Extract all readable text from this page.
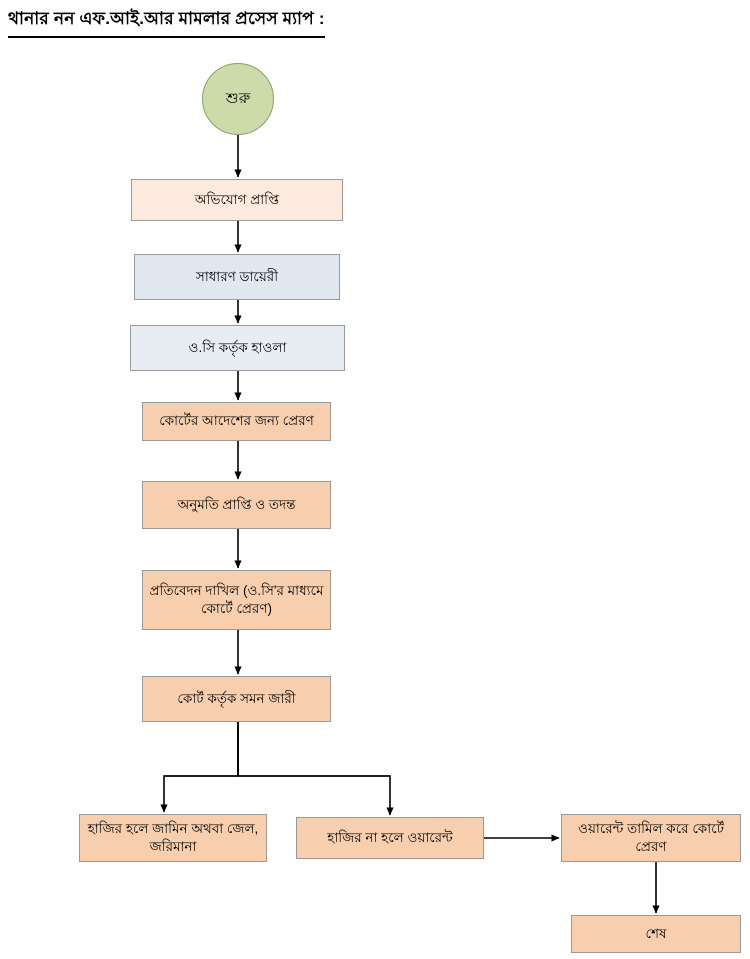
থানার নন এফ.আই.আর মামলার প্রসেস ম্যাপ :
শুরু
অভিযোগ প্রাপ্তি
সাধারণ ডায়েরী
ও.সি কর্তৃক হাওলা
কোর্টের আদেশের জন্য প্রেরণ
অনুমতি প্রাপ্তি ও তদন্ত
প্রতিবেদন দাখিল (ও.সি'র মাধ্যমে কোর্টে প্রেরণ)
কোর্ট কর্তৃক সমন জারী
হাজির হলে জামিন অথবা জেল, জরিমানা
হাজির না হলে ওয়ারেন্ট
ওয়ারেন্ট তামিল করে কোর্টে প্রেরণ
শেষ
